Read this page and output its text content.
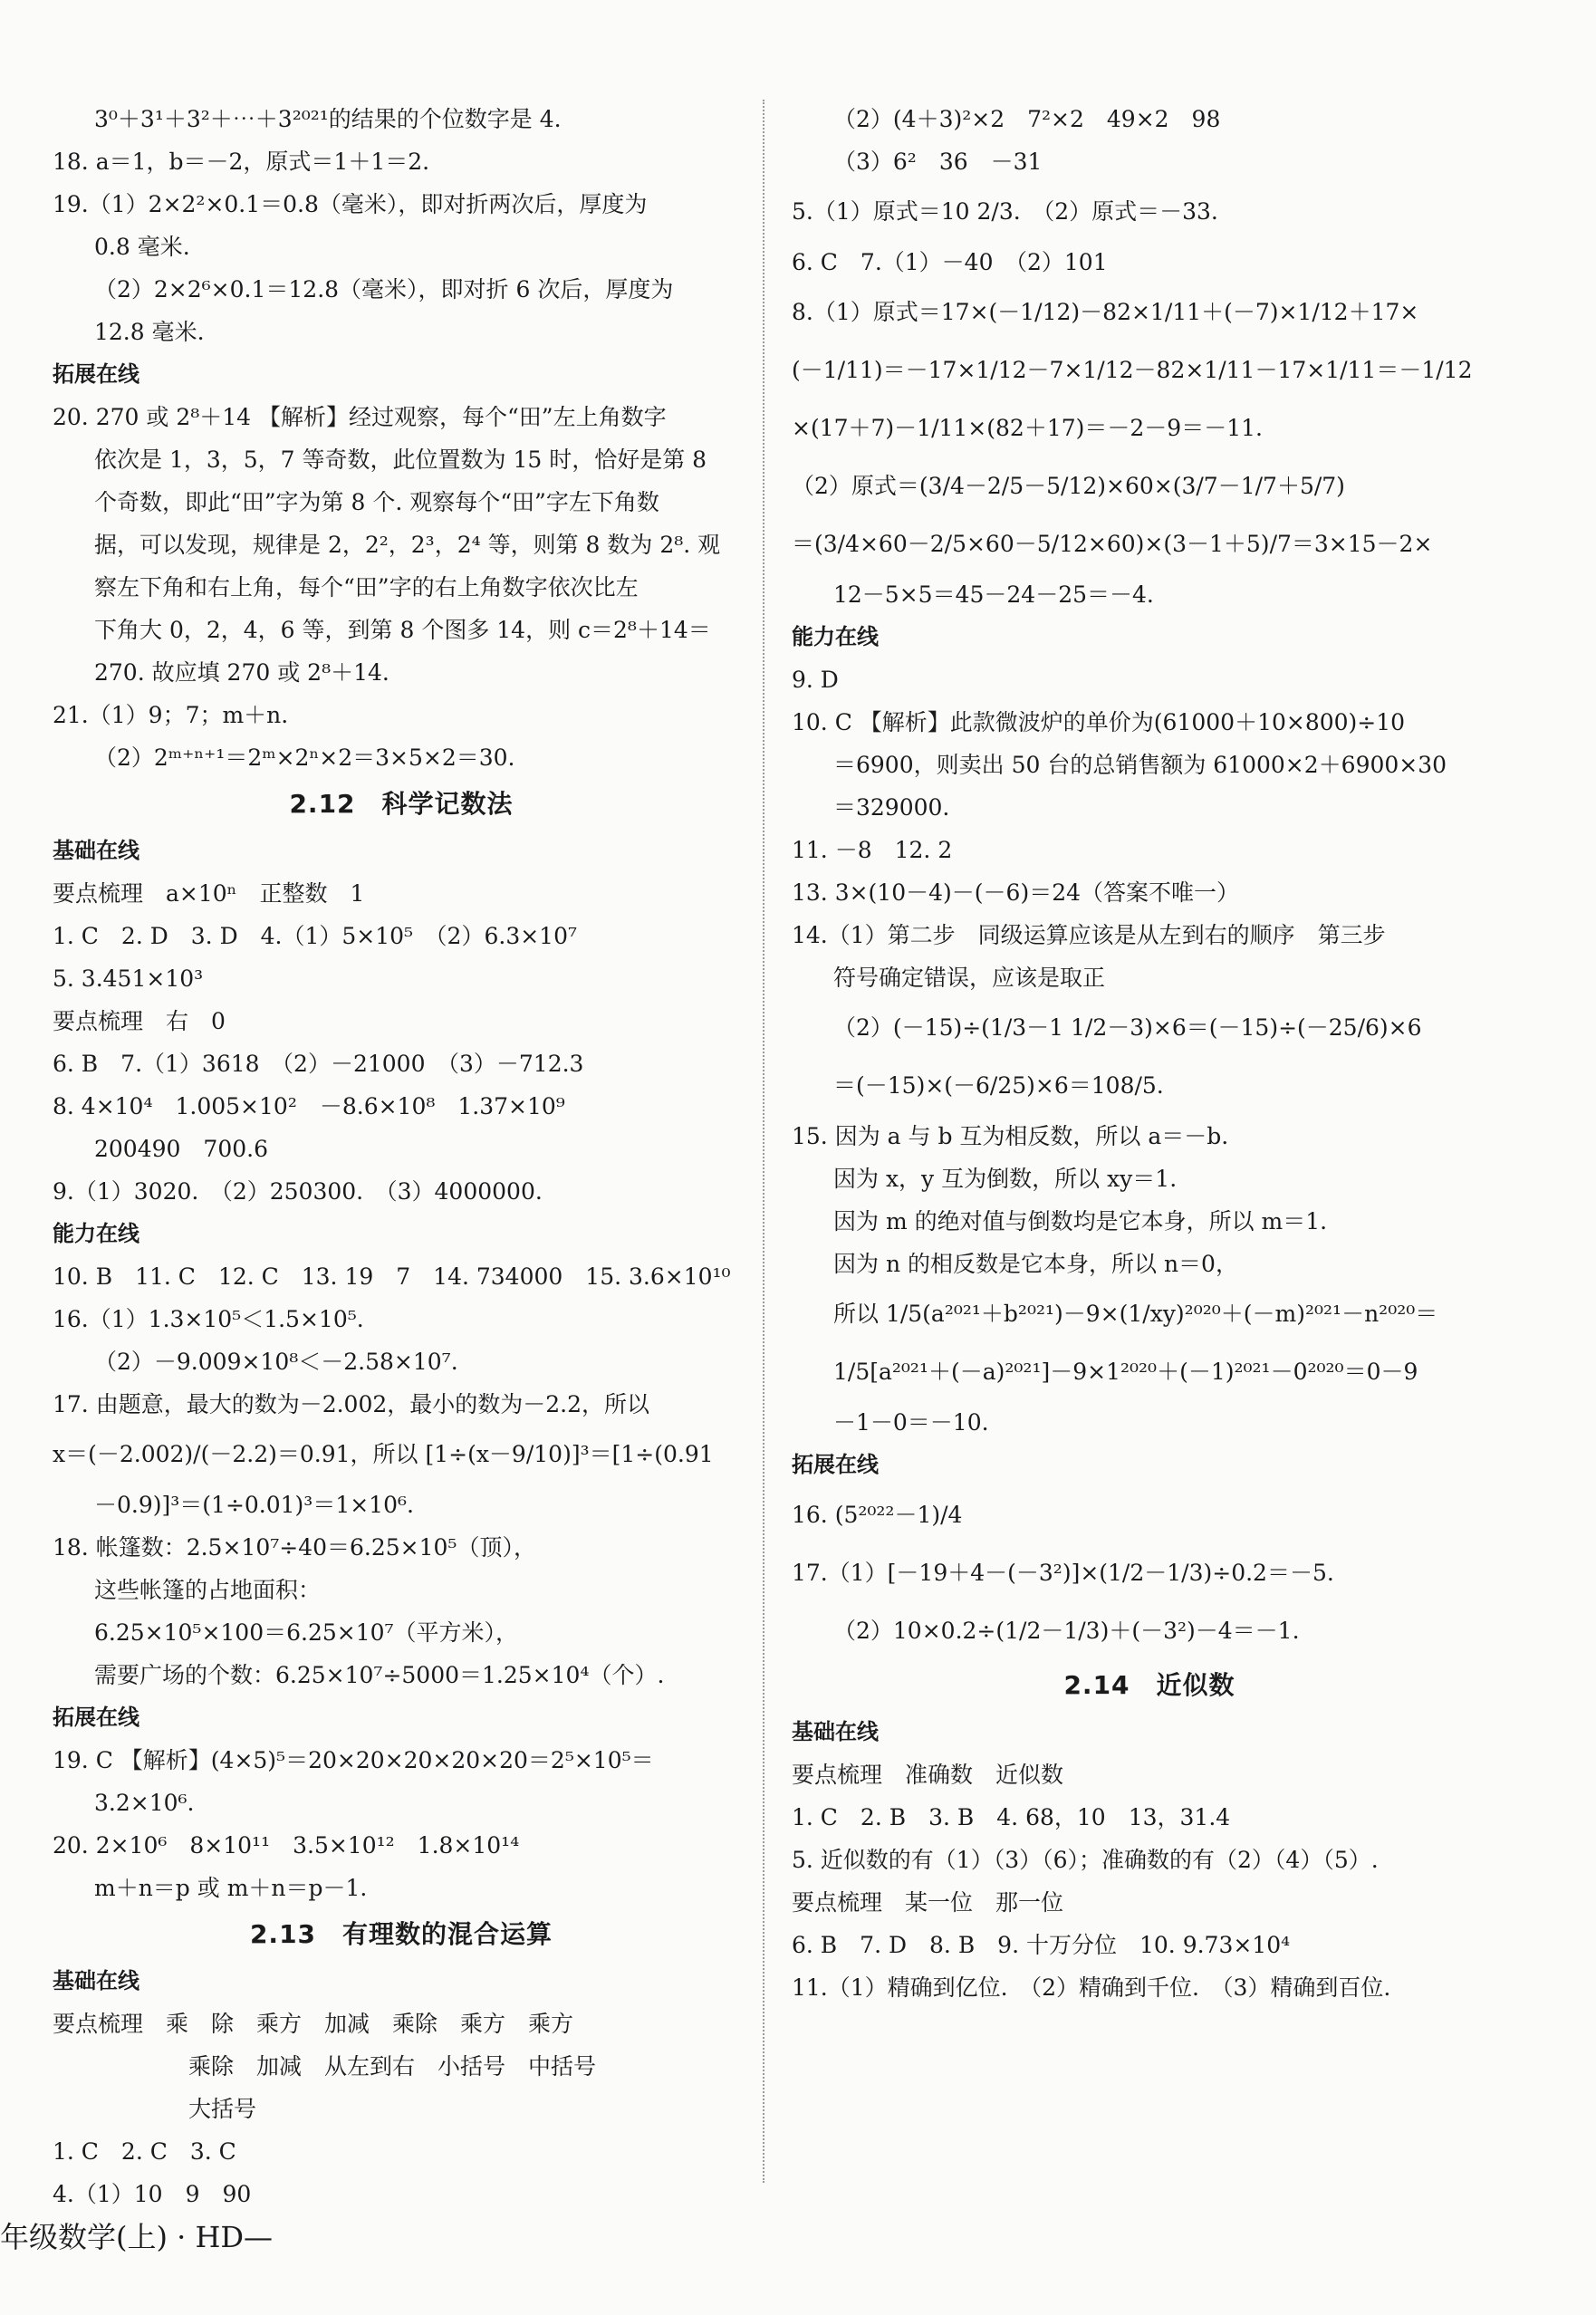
3⁰＋3¹＋3²＋⋯＋3²⁰²¹的结果的个位数字是 4.
18. a＝1，b＝－2，原式＝1＋1＝2.
19.（1）2×2²×0.1＝0.8（毫米），即对折两次后，厚度为
0.8 毫米.
（2）2×2⁶×0.1＝12.8（毫米），即对折 6 次后，厚度为
12.8 毫米.
拓展在线
20. 270 或 2⁸＋14 【解析】经过观察，每个“田”左上角数字
依次是 1，3，5，7 等奇数，此位置数为 15 时，恰好是第 8
个奇数，即此“田”字为第 8 个. 观察每个“田”字左下角数
据，可以发现，规律是 2，2²，2³，2⁴ 等，则第 8 数为 2⁸. 观
察左下角和右上角，每个“田”字的右上角数字依次比左
下角大 0，2，4，6 等，到第 8 个图多 14，则 c＝2⁸＋14＝
270. 故应填 270 或 2⁸＋14.
21.（1）9；7；m＋n.
（2）2ᵐ⁺ⁿ⁺¹＝2ᵐ×2ⁿ×2＝3×5×2＝30.
2.12　科学记数法
基础在线
要点梳理　a×10ⁿ　正整数　1
1. C　2. D　3. D　4.（1）5×10⁵　（2）6.3×10⁷
5. 3.451×10³
要点梳理　右　0
6. B　7.（1）3618　（2）－21000　（3）－712.3
8. 4×10⁴　1.005×10²　－8.6×10⁸　1.37×10⁹
200490　700.6
9.（1）3020.　（2）250300.　（3）4000000.
能力在线
10. B　11. C　12. C　13. 19　7　14. 734000　15. 3.6×10¹⁰
16.（1）1.3×10⁵＜1.5×10⁵.
（2）－9.009×10⁸＜－2.58×10⁷.
17. 由题意，最大的数为－2.002，最小的数为－2.2，所以
x＝(－2.002)/(－2.2)＝0.91，所以 [1÷(x－9/10)]³＝[1÷(0.91
－0.9)]³＝(1÷0.01)³＝1×10⁶.
18. 帐篷数：2.5×10⁷÷40＝6.25×10⁵（顶），
这些帐篷的占地面积：
6.25×10⁵×100＝6.25×10⁷（平方米），
需要广场的个数：6.25×10⁷÷5000＝1.25×10⁴（个）.
拓展在线
19. C 【解析】(4×5)⁵＝20×20×20×20×20＝2⁵×10⁵＝
3.2×10⁶.
20. 2×10⁶　8×10¹¹　3.5×10¹²　1.8×10¹⁴
m＋n＝p 或 m＋n＝p－1.
2.13　有理数的混合运算
基础在线
要点梳理　乘　除　乘方　加减　乘除　乘方　乘方
乘除　加减　从左到右　小括号　中括号
大括号
1. C　2. C　3. C
4.（1）10　9　90
（2）(4＋3)²×2　7²×2　49×2　98
（3）6²　36　－31
5.（1）原式＝10 2/3.　（2）原式＝－33.
6. C　7.（1）－40　（2）101
8.（1）原式＝17×(－1/12)－82×1/11＋(－7)×1/12＋17×
(－1/11)＝－17×1/12－7×1/12－82×1/11－17×1/11＝－1/12
×(17＋7)－1/11×(82＋17)＝－2－9＝－11.
（2）原式＝(3/4－2/5－5/12)×60×(3/7－1/7＋5/7)
＝(3/4×60－2/5×60－5/12×60)×(3－1＋5)/7＝3×15－2×
12－5×5＝45－24－25＝－4.
能力在线
9. D
10. C 【解析】此款微波炉的单价为(61000＋10×800)÷10
＝6900，则卖出 50 台的总销售额为 61000×2＋6900×30
＝329000.
11. －8　12. 2
13. 3×(10－4)－(－6)＝24（答案不唯一）
14.（1）第二步　同级运算应该是从左到右的顺序　第三步
符号确定错误，应该是取正
（2）(－15)÷(1/3－1 1/2－3)×6＝(－15)÷(－25/6)×6
＝(－15)×(－6/25)×6＝108/5.
15. 因为 a 与 b 互为相反数，所以 a＝－b.
因为 x，y 互为倒数，所以 xy＝1.
因为 m 的绝对值与倒数均是它本身，所以 m＝1.
因为 n 的相反数是它本身，所以 n＝0，
所以 1/5(a²⁰²¹＋b²⁰²¹)－9×(1/xy)²⁰²⁰＋(－m)²⁰²¹－n²⁰²⁰＝
1/5[a²⁰²¹＋(－a)²⁰²¹]－9×1²⁰²⁰＋(－1)²⁰²¹－0²⁰²⁰＝0－9
－1－0＝－10.
拓展在线
16. (5²⁰²²－1)/4
17.（1）[－19＋4－(－3²)]×(1/2－1/3)÷0.2＝－5.
（2）10×0.2÷(1/2－1/3)＋(－3²)－4＝－1.
2.14　近似数
基础在线
要点梳理　准确数　近似数
1. C　2. B　3. B　4. 68，10　13，31.4
5. 近似数的有（1）（3）（6）；准确数的有（2）（4）（5）.
要点梳理　某一位　那一位
6. B　7. D　8. B　9. 十万分位　10. 9.73×10⁴
11.（1）精确到亿位.　（2）精确到千位.　（3）精确到百位.
年级数学(上) · HD—
